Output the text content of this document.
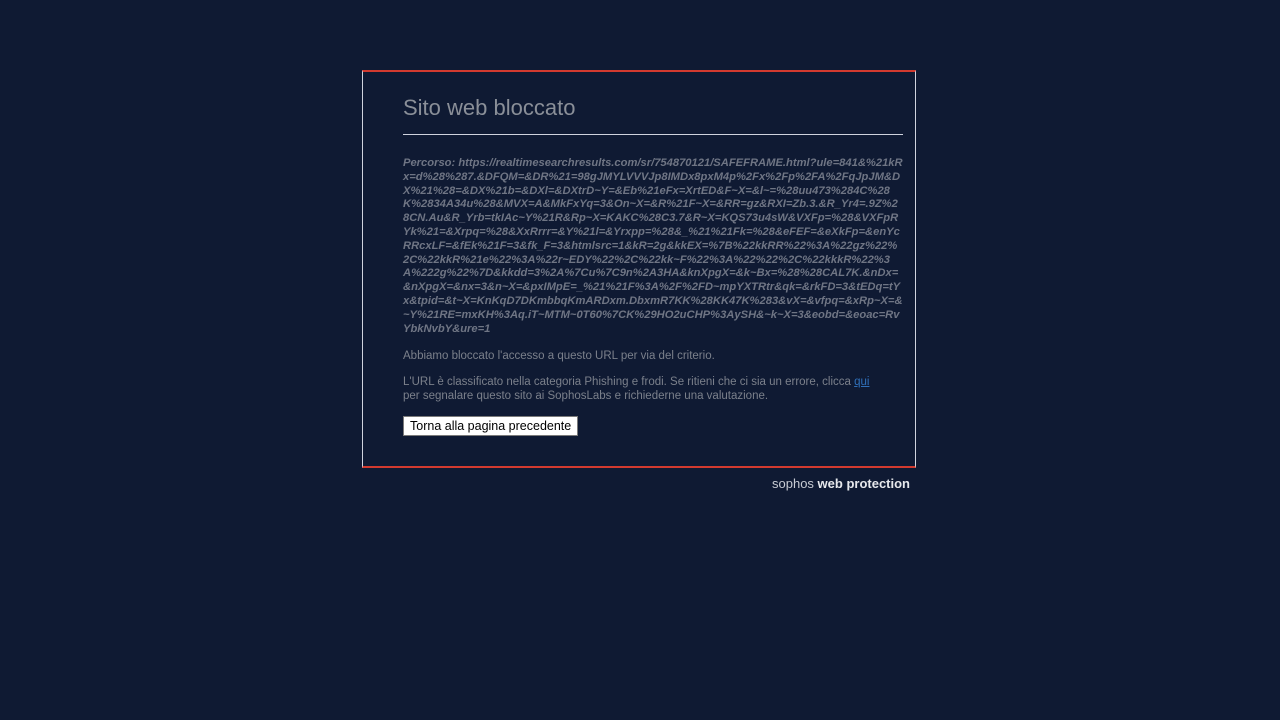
Sito web bloccato
Percorso: https://realtimesearchresults.com/sr/754870121/SAFEFRAME.html?ule=841&%21kRx=d%28%287.&DFQM=&DR%21=98gJMYLVVVJp8IMDx8pxM4p%2Fx%2Fp%2FA%2FqJpJM&DX%21%28=&DX%21b=&DXl=&DXtrD~Y=&Eb%21eFx=XrtED&F~X=&l~=%28uu473%284C%28K%2834A34u%28&MVX=A&MkFxYq=3&On~X=&R%21F~X=&RR=gz&RXI=Zb.3.&R_Yr4=.9Z%28CN.Au&R_Yrb=tkIAc~Y%21R&Rp~X=KAKC%28C3.7&R~X=KQS73u4sW&VXFp=%28&VXFpRYk%21=&Xrpq=%28&XxRrrr=&Y%21l=&Yrxpp=%28&_%21%21Fk=%28&eFEF=&eXkFp=&enYcRRcxLF=&fEk%21F=3&fk_F=3&htmlsrc=1&kR=2g&kkEX=%7B%22kkRR%22%3A%22gz%22%2C%22kkR%21e%22%3A%22r~EDY%22%2C%22kk~F%22%3A%22%22%2C%22kkkR%22%3A%222g%22%7D&kkdd=3%2A%7Cu%7C9n%2A3HA&knXpgX=&k~Bx=%28%28CAL7K.&nDx=&nXpgX=&nx=3&n~X=&pxIMpE=_%21%21F%3A%2F%2FD~mpYXTRtr&qk=&rkFD=3&tEDq=tYx&tpid=&t~X=KnKqD7DKmbbqKmARDxm.DbxmR7KK%28KK47K%283&vX=&vfpq=&xRp~X=&~Y%21RE=mxKH%3Aq.iT~MTM~0T60%7CK%29HO2uCHP%3AySH&~k~X=3&eobd=&eoac=RvYbkNvbY&ure=1
Abbiamo bloccato l'accesso a questo URL per via del criterio.
L'URL è classificato nella categoria Phishing e frodi. Se ritieni che ci sia un errore, clicca qui
per segnalare questo sito ai SophosLabs e richiederne una valutazione.
Torna alla pagina precedente
sophos web protection
